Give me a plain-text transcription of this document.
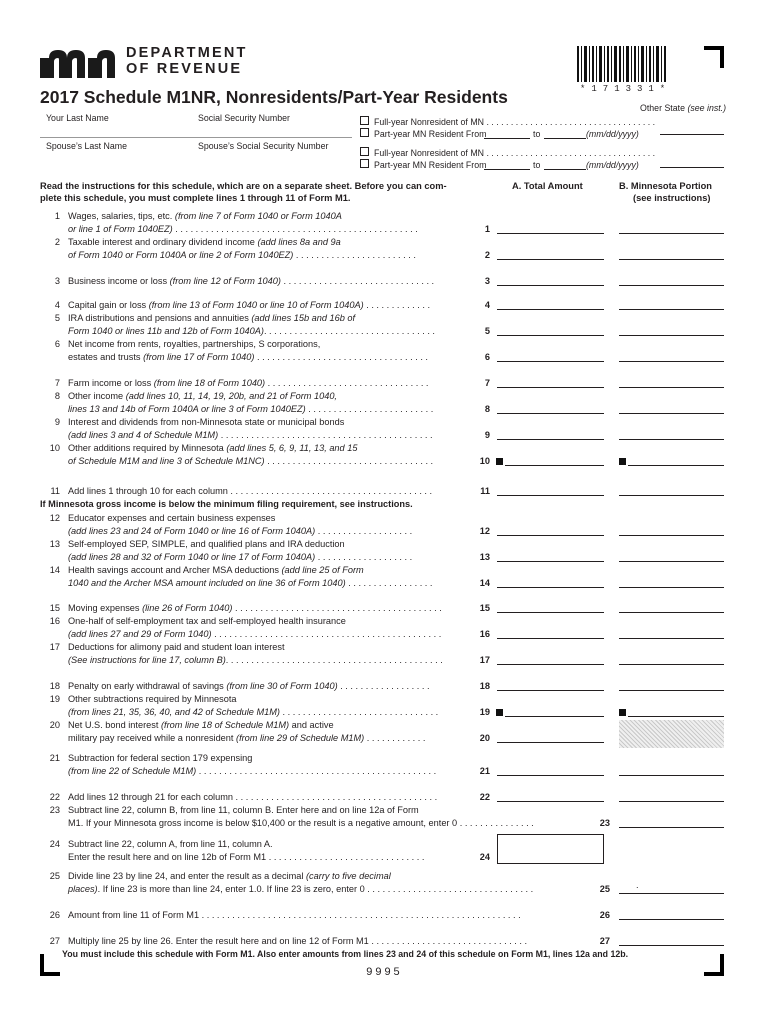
mn	DEPARTMENT
OF REVENUE
2017 Schedule M1NR, Nonresidents/Part-Year Residents	*171331*
Other State (see inst.)
Your Last Name	Social Security Number
Spouse’s Last Name	Spouse’s Social Security Number
Full-year Nonresident of MN . . . . . . . . . . . . . . . . . . . . . . . . . . . . . . . . . . .
Part-year MN Resident From	to	(mm/dd/yyyy)
Full-year Nonresident of MN . . . . . . . . . . . . . . . . . . . . . . . . . . . . . . . . . . .
Part-year MN Resident From	to	(mm/dd/yyyy)
Read the instructions for this schedule, which are on a separate sheet. Before you can com-
plete this schedule, you must complete lines 1 through 11 of Form M1.
A. Total Amount	B. Minnesota Portion
(see instructions)
1 Wages, salaries, tips, etc. (from line 7 of Form 1040 or Form 1040A
or line 1 of Form 1040EZ) . . . . . . . . . . . . . . . . . . . . . . . . . . . . . . . . . . . . . . . . . . . . . . . .	1
2 Taxable interest and ordinary dividend income (add lines 8a and 9a
of Form 1040 or Form 1040A or line 2 of Form 1040EZ) . . . . . . . . . . . . . . . . . . . . . . . .	2
3 Business income or loss (from line 12 of Form 1040) . . . . . . . . . . . . . . . . . . . . . . . . . . . . . .	3
4 Capital gain or loss (from line 13 of Form 1040 or line 10 of Form 1040A) . . . . . . . . . . . . .	4
5 IRA distributions and pensions and annuities (add lines 15b and 16b of
Form 1040 or lines 11b and 12b of Form 1040A). . . . . . . . . . . . . . . . . . . . . . . . . . . . . . . . . .	5
6 Net income from rents, royalties, partnerships, S corporations,
estates and trusts (from line 17 of Form 1040) . . . . . . . . . . . . . . . . . . . . . . . . . . . . . . . . . .	6
7 Farm income or loss (from line 18 of Form 1040) . . . . . . . . . . . . . . . . . . . . . . . . . . . . . . . .	7
8 Other income (add lines 10, 11, 14, 19, 20b, and 21 of Form 1040,
lines 13 and 14b of Form 1040A or line 3 of Form 1040EZ) . . . . . . . . . . . . . . . . . . . . . . . . .	8
9 Interest and dividends from non-Minnesota state or municipal bonds
(add lines 3 and 4 of Schedule M1M) . . . . . . . . . . . . . . . . . . . . . . . . . . . . . . . . . . . . . . . . . .	9
10 Other additions required by Minnesota (add lines 5, 6, 9, 11, 13, and 15
of Schedule M1M and line 3 of Schedule M1NC) . . . . . . . . . . . . . . . . . . . . . . . . . . . . . . . . .	10
11 Add lines 1 through 10 for each column . . . . . . . . . . . . . . . . . . . . . . . . . . . . . . . . . . . . . . . .	11
If Minnesota gross income is below the minimum filing requirement, see instructions.
12 Educator expenses and certain business expenses
(add lines 23 and 24 of Form 1040 or line 16 of Form 1040A) . . . . . . . . . . . . . . . . . . .	12
13 Self-employed SEP, SIMPLE, and qualified plans and IRA deduction
(add lines 28 and 32 of Form 1040 or line 17 of Form 1040A) . . . . . . . . . . . . . . . . . . .	13
14 Health savings account and Archer MSA deductions (add line 25 of Form
1040 and the Archer MSA amount included on line 36 of Form 1040) . . . . . . . . . . . . . . . . .	14
15 Moving expenses (line 26 of Form 1040) . . . . . . . . . . . . . . . . . . . . . . . . . . . . . . . . . . . . . . . . .	15
16 One-half of self-employment tax and self-employed health insurance
(add lines 27 and 29 of Form 1040) . . . . . . . . . . . . . . . . . . . . . . . . . . . . . . . . . . . . . . . . . . . . .	16
17 Deductions for alimony paid and student loan interest
(See instructions for line 17, column B). . . . . . . . . . . . . . . . . . . . . . . . . . . . . . . . . . . . . . . . . . .	17
18 Penalty on early withdrawal of savings (from line 30 of Form 1040) . . . . . . . . . . . . . . . . . .	18
19 Other subtractions required by Minnesota
(from lines 21, 35, 36, 40, and 42 of Schedule M1M) . . . . . . . . . . . . . . . . . . . . . . . . . . . . . . .	19
20 Net U.S. bond interest (from line 18 of Schedule M1M) and active
military pay received while a nonresident (from line 29 of Schedule M1M) . . . . . . . . . . . .	20
21 Subtraction for federal section 179 expensing
(from line 22 of Schedule M1M) . . . . . . . . . . . . . . . . . . . . . . . . . . . . . . . . . . . . . . . . . . . . . . .	21
22 Add lines 12 through 21 for each column . . . . . . . . . . . . . . . . . . . . . . . . . . . . . . . . . . . . . . . .	22
23 Subtract line 22, column B, from line 11, column B. Enter here and on line 12a of Form
M1. If your Minnesota gross income is below $10,400 or the result is a negative amount, enter 0 . . . . . . . . . . . . . . .	23
24 Subtract line 22, column A, from line 11, column A.
Enter the result here and on line 12b of Form M1 . . . . . . . . . . . . . . . . . . . . . . . . . . . . . . .	24
25 Divide line 23 by line 24, and enter the result as a decimal (carry to five decimal
places). If line 23 is more than line 24, enter 1.0. If line 23 is zero, enter 0 . . . . . . . . . . . . . . . . . . . . . . . . . . . . . . . . .	25	.
26 Amount from line 11 of Form M1 . . . . . . . . . . . . . . . . . . . . . . . . . . . . . . . . . . . . . . . . . . . . . . . . . . . . . . . . . . . . . . .	26
27 Multiply line 25 by line 26. Enter the result here and on line 12 of Form M1 . . . . . . . . . . . . . . . . . . . . . . . . . . . . . . .	27
You must include this schedule with Form M1. Also enter amounts from lines 23 and 24 of this schedule on Form M1, lines 12a and 12b.
9995
